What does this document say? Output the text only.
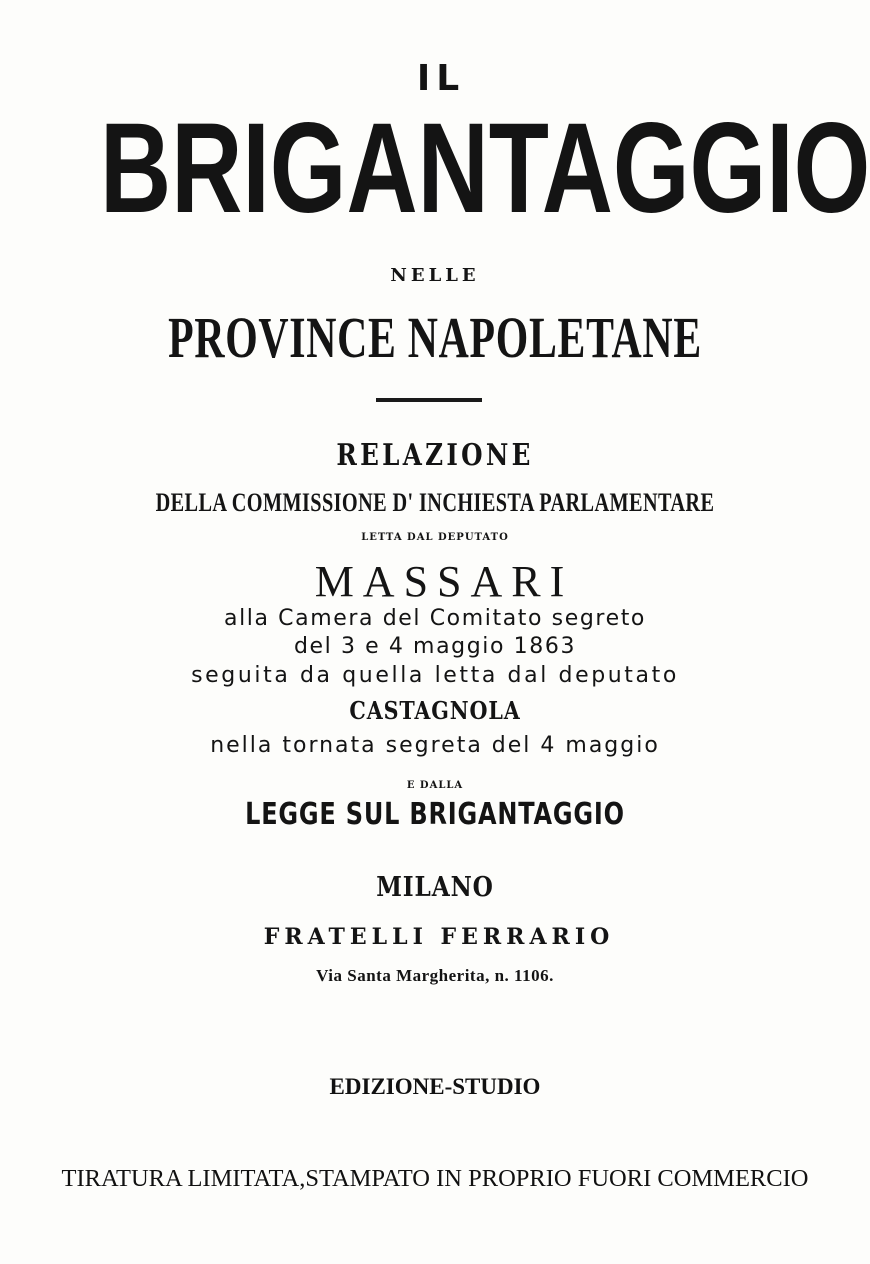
IL
BRIGANTAGGIO
NELLE
PROVINCE NAPOLETANE
RELAZIONE
DELLA COMMISSIONE D' INCHIESTA PARLAMENTARE
LETTA DAL DEPUTATO
MASSARI
alla Camera del Comitato segreto
del 3 e 4 maggio 1863
seguita da quella letta dal deputato
CASTAGNOLA
nella tornata segreta del 4 maggio
E DALLA
LEGGE SUL BRIGANTAGGIO
MILANO
FRATELLI FERRARIO
Via Santa Margherita, n. 1106.
EDIZIONE-STUDIO
TIRATURA LIMITATA,STAMPATO IN PROPRIO FUORI COMMERCIO
